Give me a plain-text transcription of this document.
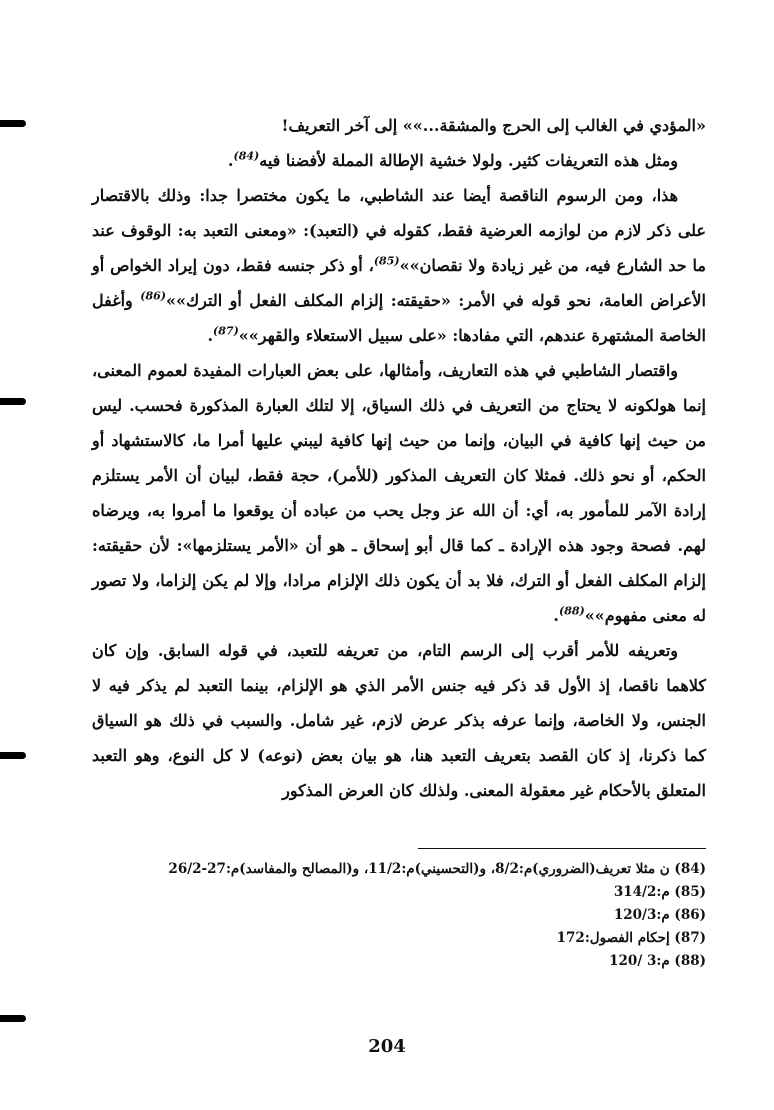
«المؤدي في الغالب إلى الحرج والمشقة...»» إلى آخر التعريف!

ومثل هذه التعريفات كثير. ولولا خشية الإطالة المملة لأفضنا فيه$^{(84)}$.

هذا، ومن الرسوم الناقصة أيضا عند الشاطبي، ما يكون مختصرا جدا: وذلك بالاقتصار على ذكر لازم من لوازمه العرضية فقط، كقوله في (التعبد): «ومعنى التعبد به: الوقوف عند ما حد الشارع فيه، من غير زيادة ولا نقصان»»$^{(85)}$، أو ذكر جنسه فقط، دون إيراد الخواص أو الأعراض العامة، نحو قوله في الأمر: «حقيقته: إلزام المكلف الفعل أو الترك»»$^{(86)}$ وأغفل الخاصة المشتهرة عندهم، التي مفادها: «على سبيل الاستعلاء والقهر»»$^{(87)}$.

واقتصار الشاطبي في هذه التعاريف، وأمثالها، على بعض العبارات المفيدة لعموم المعنى، إنما هولكونه لا يحتاج من التعريف في ذلك السياق، إلا لتلك العبارة المذكورة فحسب. ليس من حيث إنها كافية في البيان، وإنما من حيث إنها كافية ليبني عليها أمرا ما، كالاستشهاد أو الحكم، أو نحو ذلك. فمثلا كان التعريف المذكور (للأمر)، حجة فقط، لبيان أن الأمر يستلزم إرادة الآمر للمأمور به، أي: أن الله عز وجل يحب من عباده أن يوقعوا ما أمروا به، ويرضاه لهم. فصحة وجود هذه الإرادة ـ كما قال أبو إسحاق ـ هو أن «الأمر يستلزمها»: لأن حقيقته: إلزام المكلف الفعل أو الترك، فلا بد أن يكون ذلك الإلزام مرادا، وإلا لم يكن إلزاما، ولا تصور له معنى مفهوم»»$^{(88)}$.

وتعريفه للأمر أقرب إلى الرسم التام، من تعريفه للتعبد، في قوله السابق. وإن كان كلاهما ناقصا، إذ الأول قد ذكر فيه جنس الأمر الذي هو الإلزام، بينما التعبد لم يذكر فيه لا الجنس، ولا الخاصة، وإنما عرفه بذكر عرض لازم، غير شامل. والسبب في ذلك هو السياق كما ذكرنا، إذ كان القصد بتعريف التعبد هنا، هو بيان بعض (نوعه) لا كل النوع، وهو التعبد المتعلق بالأحكام غير معقولة المعنى. ولذلك كان العرض المذكور

(84) ن مثلا تعريف(الضروري)م:8/2، و(التحسيني)م:11/2، و(المصالح والمفاسد)م:27-26/2

(85) م:314/2

(86) م:120/3

(87) إحكام الفصول:172

(88) م:3 /120

204
